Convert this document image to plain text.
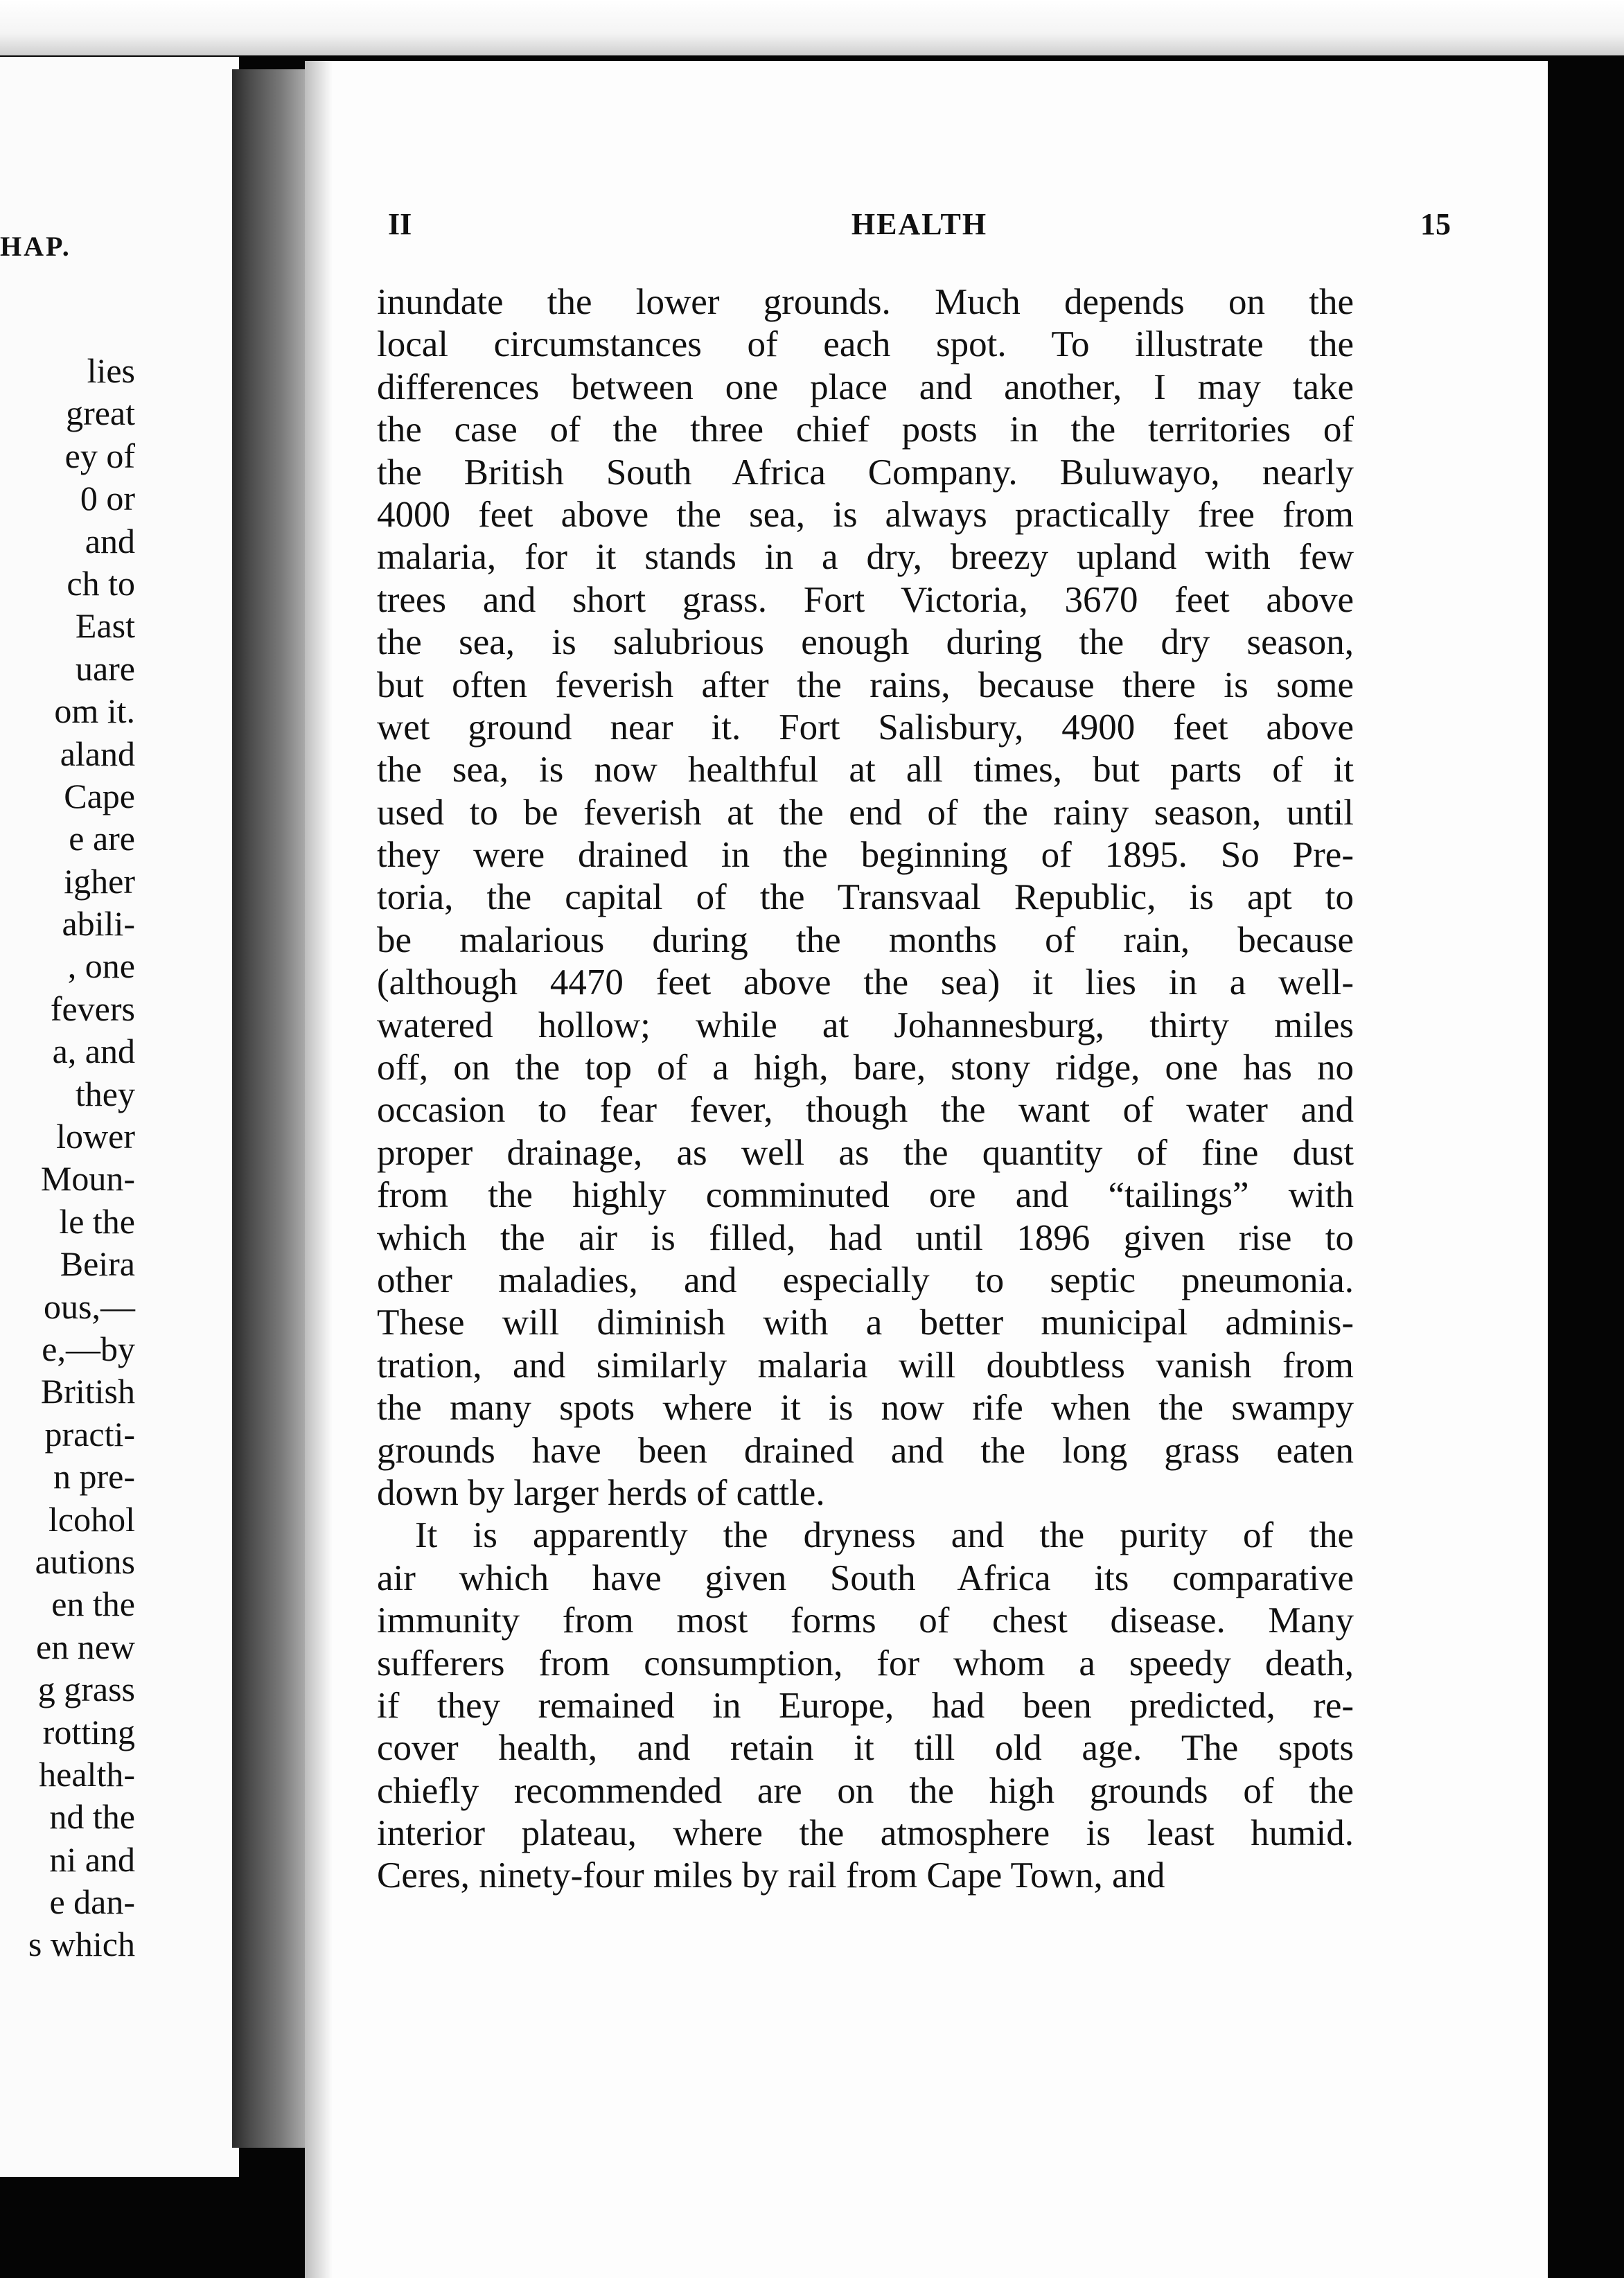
HAP.
lies
great
ey of
0 or
and
ch to
East
uare
om it.
aland
Cape
e are
igher
abili-
, one
fevers
a, and
they
lower
Moun-
le the
Beira
ous,—
e,—by
British
practi-
n pre-
lcohol
autions
en the
en new
g grass
rotting
health-
nd the
ni and
e dan-
s which
II	HEALTH	15
inundate the lower grounds. Much depends on the
local circumstances of each spot. To illustrate the
differences between one place and another, I may take
the case of the three chief posts in the territories of
the British South Africa Company. Buluwayo, nearly
4000 feet above the sea, is always practically free from
malaria, for it stands in a dry, breezy upland with few
trees and short grass. Fort Victoria, 3670 feet above
the sea, is salubrious enough during the dry season,
but often feverish after the rains, because there is some
wet ground near it. Fort Salisbury, 4900 feet above
the sea, is now healthful at all times, but parts of it
used to be feverish at the end of the rainy season, until
they were drained in the beginning of 1895. So Pre-
toria, the capital of the Transvaal Republic, is apt to
be malarious during the months of rain, because
(although 4470 feet above the sea) it lies in a well-
watered hollow; while at Johannesburg, thirty miles
off, on the top of a high, bare, stony ridge, one has no
occasion to fear fever, though the want of water and
proper drainage, as well as the quantity of fine dust
from the highly comminuted ore and “tailings” with
which the air is filled, had until 1896 given rise to
other maladies, and especially to septic pneumonia.
These will diminish with a better municipal adminis-
tration, and similarly malaria will doubtless vanish from
the many spots where it is now rife when the swampy
grounds have been drained and the long grass eaten
down by larger herds of cattle.
It is apparently the dryness and the purity of the
air which have given South Africa its comparative
immunity from most forms of chest disease. Many
sufferers from consumption, for whom a speedy death,
if they remained in Europe, had been predicted, re-
cover health, and retain it till old age. The spots
chiefly recommended are on the high grounds of the
interior plateau, where the atmosphere is least humid.
Ceres, ninety-four miles by rail from Cape Town, and
